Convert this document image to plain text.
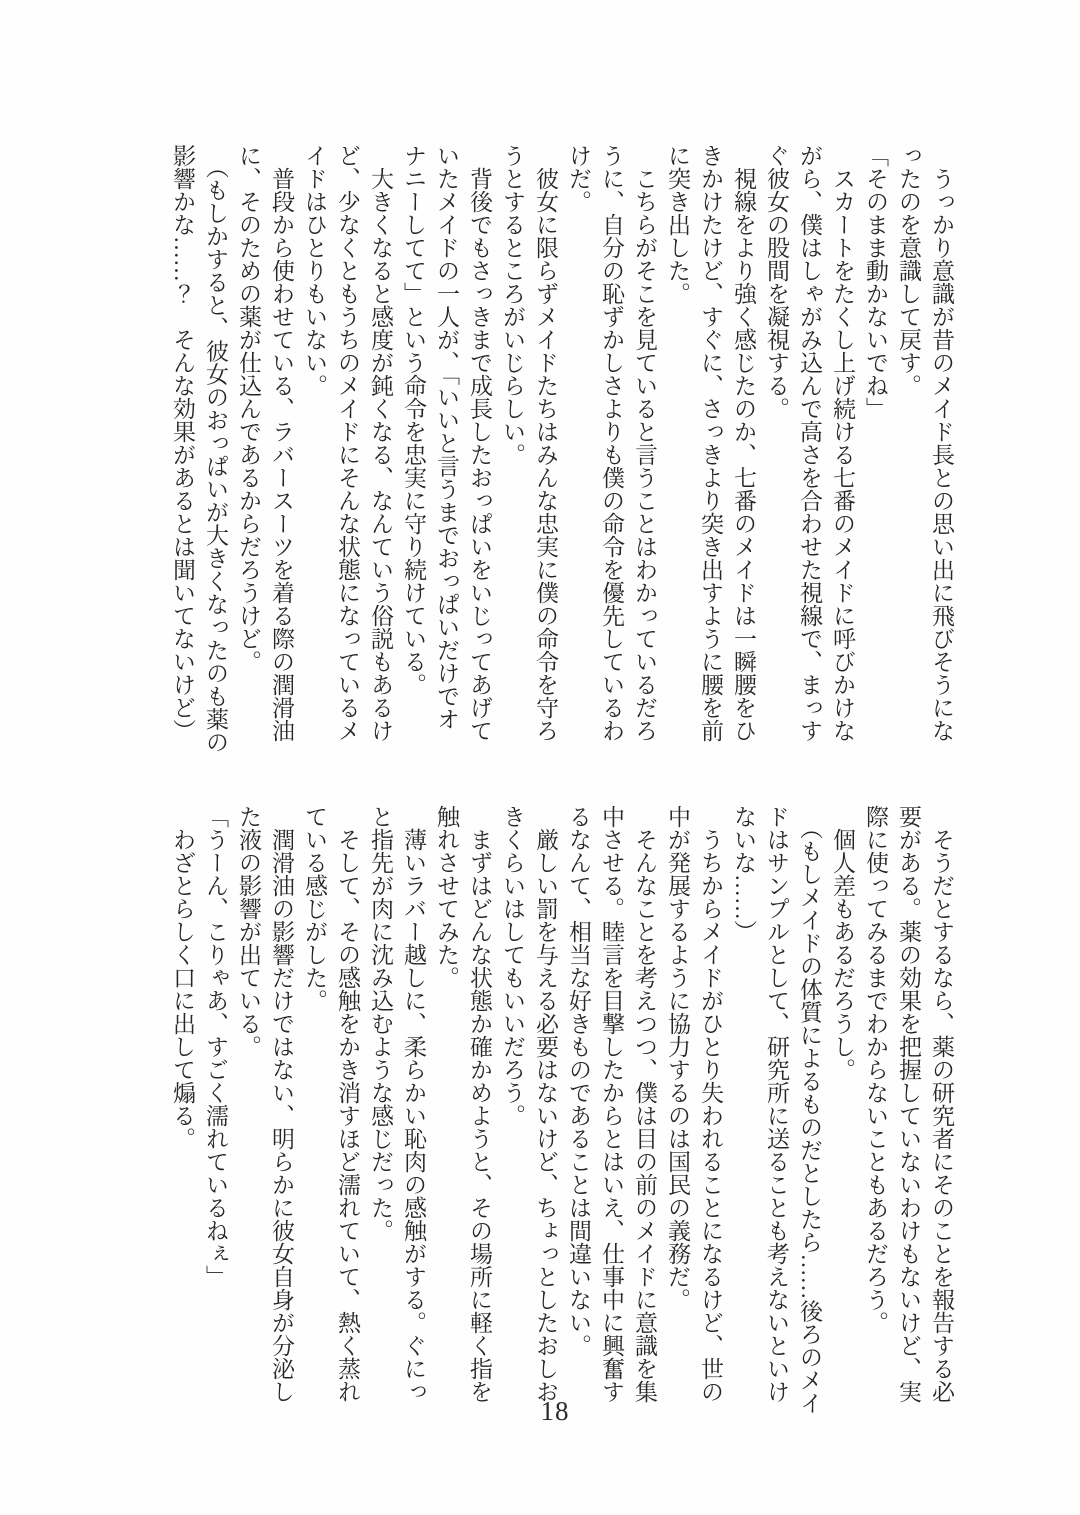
　うっかり意識が昔のメイド長との思い出に飛びそうにな
ったのを意識して戻す。
「そのまま動かないでね」
　スカートをたくし上げ続ける七番のメイドに呼びかけな
がら、僕はしゃがみ込んで高さを合わせた視線で、まっす
ぐ彼女の股間を凝視する。
　視線をより強く感じたのか、七番のメイドは一瞬腰をひ
きかけたけど、すぐに、さっきより突き出すように腰を前
に突き出した。
　こちらがそこを見ていると言うことはわかっているだろ
うに、自分の恥ずかしさよりも僕の命令を優先しているわ
けだ。
　彼女に限らずメイドたちはみんな忠実に僕の命令を守ろ
うとするところがいじらしい。
　背後でもさっきまで成長したおっぱいをいじってあげて
いたメイドの一人が、「いいと言うまでおっぱいだけでオ
ナニーしてて」という命令を忠実に守り続けている。
　大きくなると感度が鈍くなる、なんていう俗説もあるけ
ど、少なくともうちのメイドにそんな状態になっているメ
イドはひとりもいない。
　普段から使わせている、ラバースーツを着る際の潤滑油
に、そのための薬が仕込んであるからだろうけど。
　（もしかすると、彼女のおっぱいが大きくなったのも薬の
影響かな……？　そんな効果があるとは聞いてないけど）
　そうだとするなら、薬の研究者にそのことを報告する必
要がある。薬の効果を把握していないわけもないけど、実
際に使ってみるまでわからないこともあるだろう。
　個人差もあるだろうし。
　（もしメイドの体質によるものだとしたら……後ろのメイ
ドはサンプルとして、研究所に送ることも考えないといけ
ないな……）
　うちからメイドがひとり失われることになるけど、世の
中が発展するように協力するのは国民の義務だ。
　そんなことを考えつつ、僕は目の前のメイドに意識を集
中させる。睦言を目撃したからとはいえ、仕事中に興奮す
るなんて、相当な好きものであることは間違いない。
　厳しい罰を与える必要はないけど、ちょっとしたおしお
きくらいはしてもいいだろう。
　まずはどんな状態か確かめようと、その場所に軽く指を
触れさせてみた。
　薄いラバー越しに、柔らかい恥肉の感触がする。ぐにっ
と指先が肉に沈み込むような感じだった。
　そして、その感触をかき消すほど濡れていて、熱く蒸れ
ている感じがした。
　潤滑油の影響だけではない、明らかに彼女自身が分泌し
た液の影響が出ている。
「うーん、こりゃあ、すごく濡れているねぇ」
　わざとらしく口に出して煽る。
18
